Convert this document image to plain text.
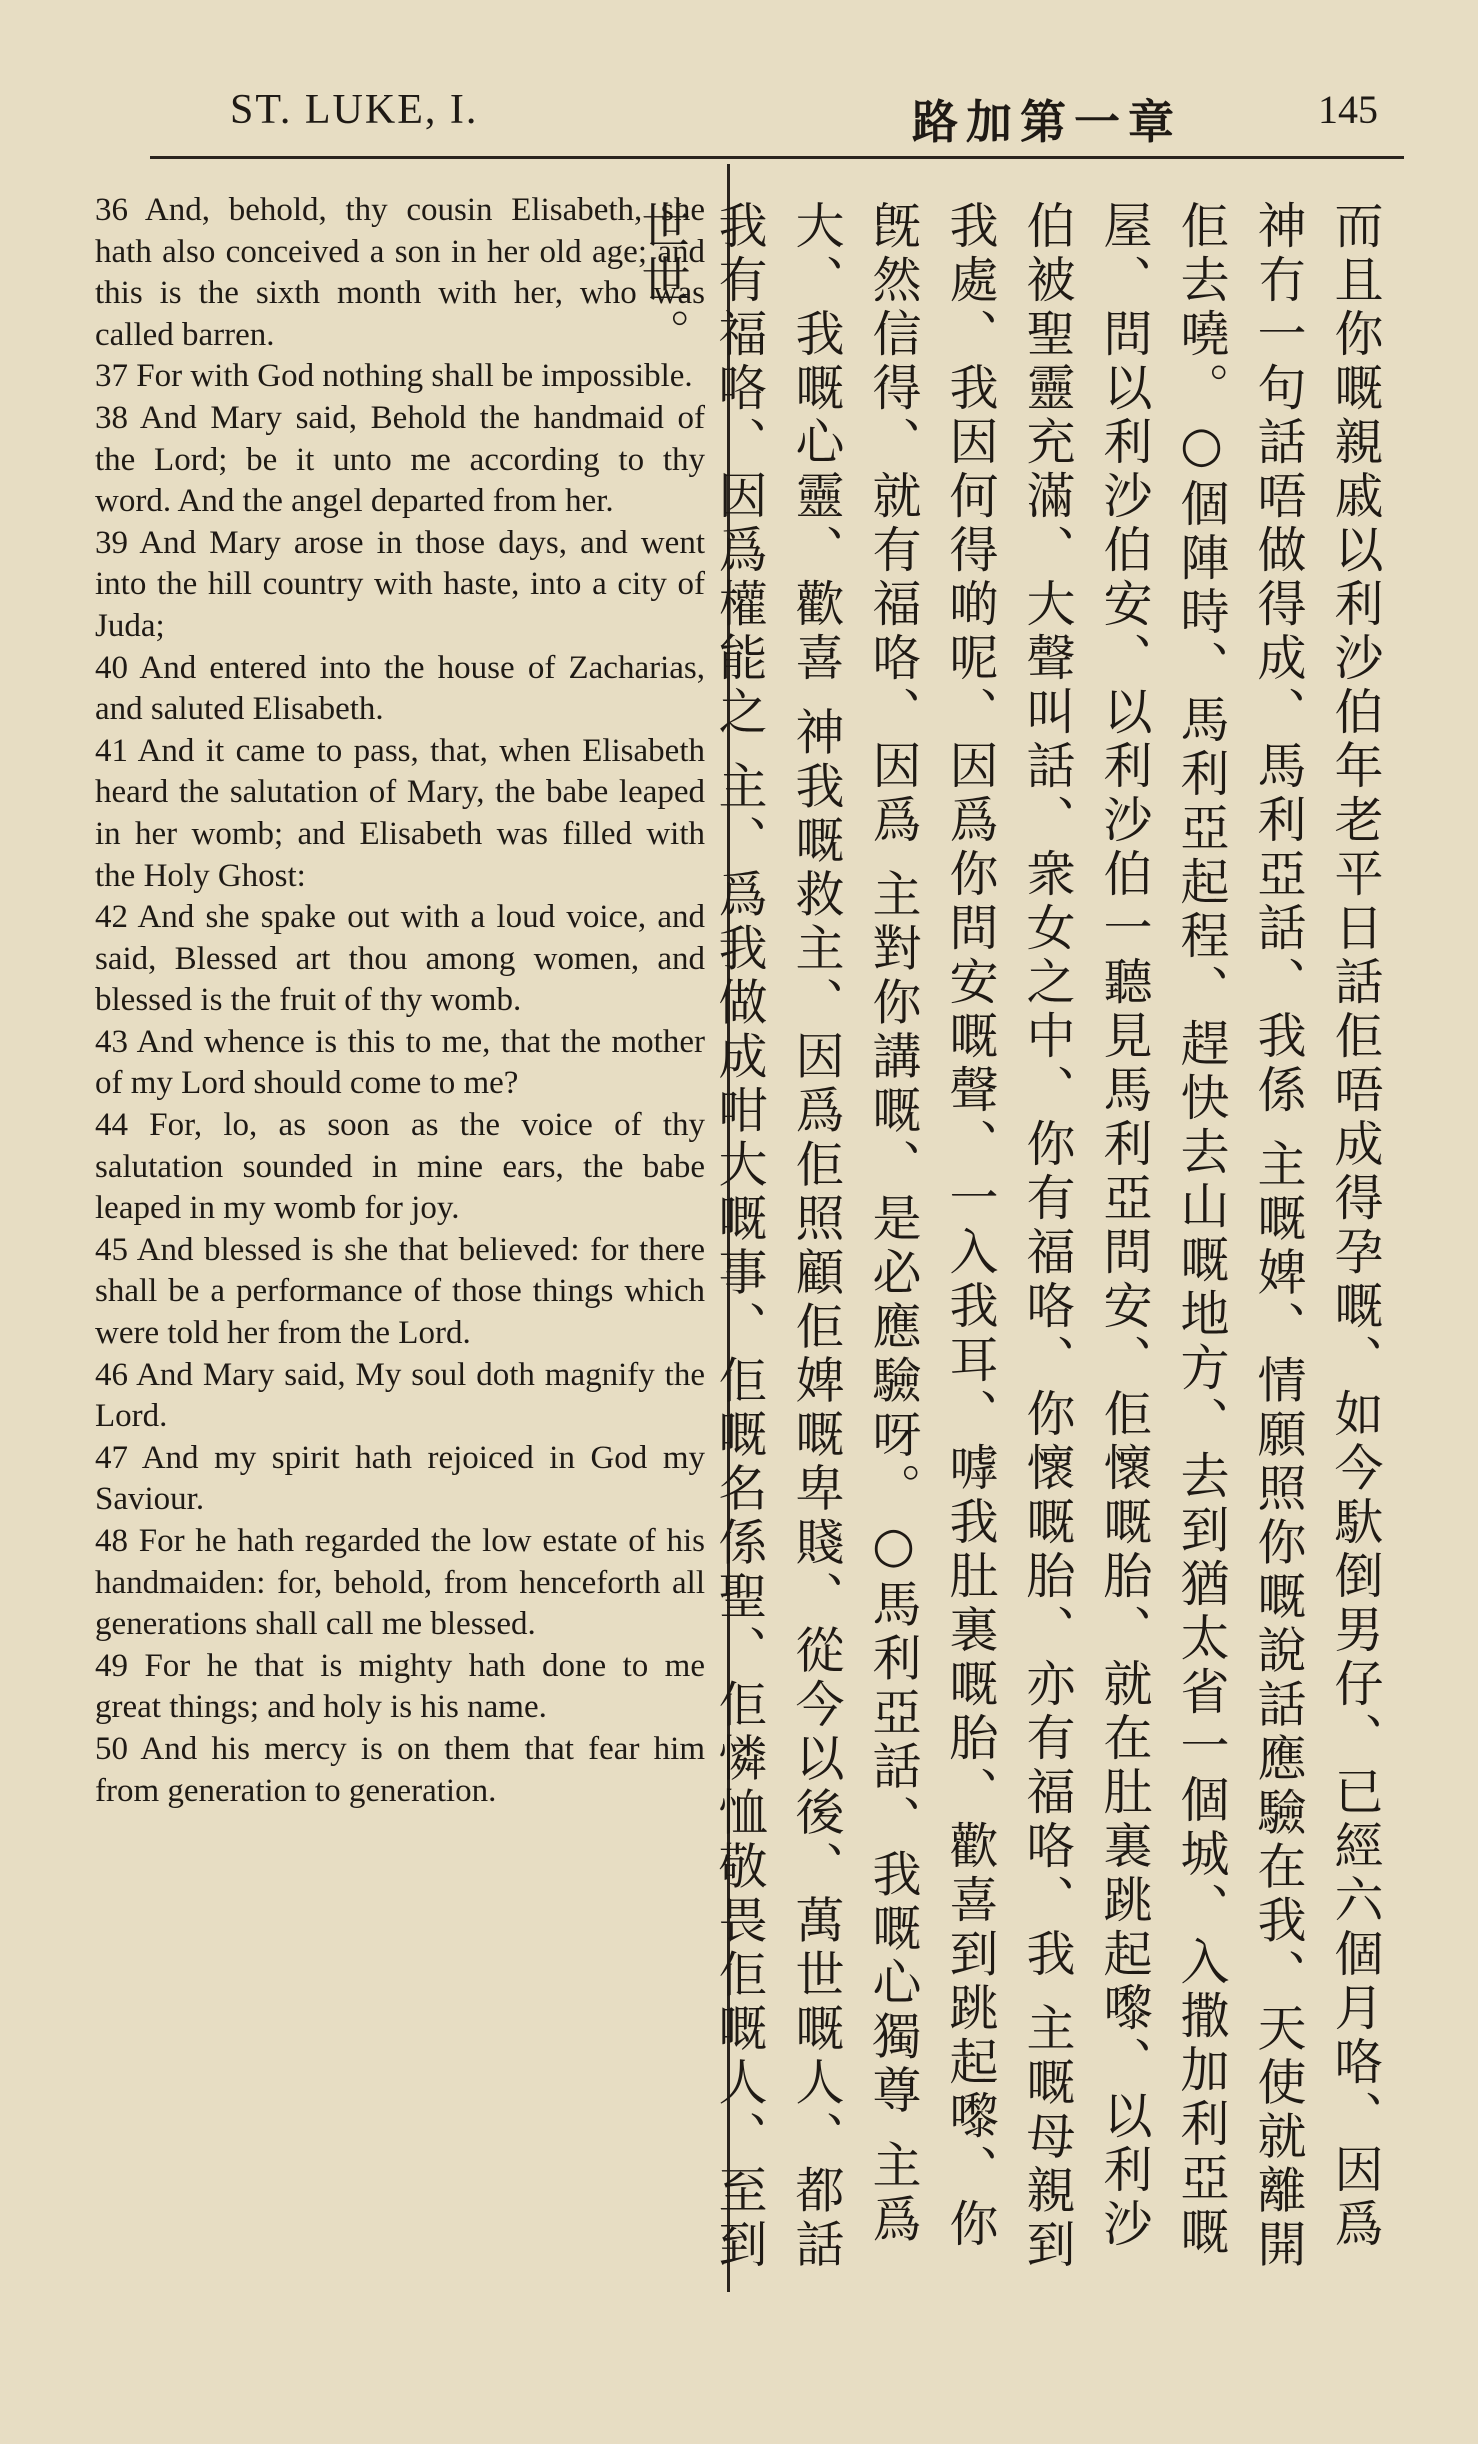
ST. LUKE, I.	路加第一章	145

36 And, behold, thy cousin Elisabeth, she hath also conceived a son in her old age; and this is the sixth month with her, who was called barren.

37 For with God nothing shall be impossible.

38 And Mary said, Behold the handmaid of the Lord; be it unto me according to thy word. And the angel departed from her.

39 And Mary arose in those days, and went into the hill country with haste, into a city of Juda;

40 And entered into the house of Zacharias, and saluted Elisabeth.

41 And it came to pass, that, when Elisabeth heard the salutation of Mary, the babe leaped in her womb; and Elisabeth was filled with the Holy Ghost:

42 And she spake out with a loud voice, and said, Blessed art thou among women, and blessed is the fruit of thy womb.

43 And whence is this to me, that the mother of my Lord should come to me?

44 For, lo, as soon as the voice of thy salutation sounded in mine ears, the babe leaped in my womb for joy.

45 And blessed is she that believed: for there shall be a performance of those things which were told her from the Lord.

46 And Mary said, My soul doth magnify the Lord.

47 And my spirit hath rejoiced in God my Saviour.

48 For he hath regarded the low estate of his handmaiden: for, behold, from henceforth all generations shall call me blessed.

49 For he that is mighty hath done to me great things; and holy is his name.

50 And his mercy is on them that fear him from generation to generation.	而且你嘅親戚以利沙伯年老平日話佢唔成得孕嘅、如今馱倒男仔、已經六個月咯、因爲 神冇一句話唔做得成、馬利亞話、我係 主嘅婢、情願照你嘅說話應驗在我、天使就離開佢去嘵。○個陣時、馬利亞起程、趕快去山嘅地方、去到猶太省一個城、入撒加利亞嘅屋、問以利沙伯安、以利沙伯一聽見馬利亞問安、佢懷嘅胎、就在肚裏跳起嚟、以利沙伯被聖靈充滿、大聲叫話、衆女之中、你有福咯、你懷嘅胎、亦有福咯、我 主嘅母親到我處、我因何得啲呢、因爲你問安嘅聲、一入我耳、嘑我肚裏嘅胎、歡喜到跳起嚟、你旣然信得、就有福咯、因爲 主對你講嘅、是必應驗呀。○馬利亞話、我嘅心獨尊 主爲大、我嘅心靈、歡喜 神我嘅救主、因爲佢照顧佢婢嘅卑賤、從今以後、萬世嘅人、都話我有福咯、因爲權能之 主、爲我做成咁大嘅事、佢嘅名係聖、佢憐恤敬畏佢嘅人、至到世世。
